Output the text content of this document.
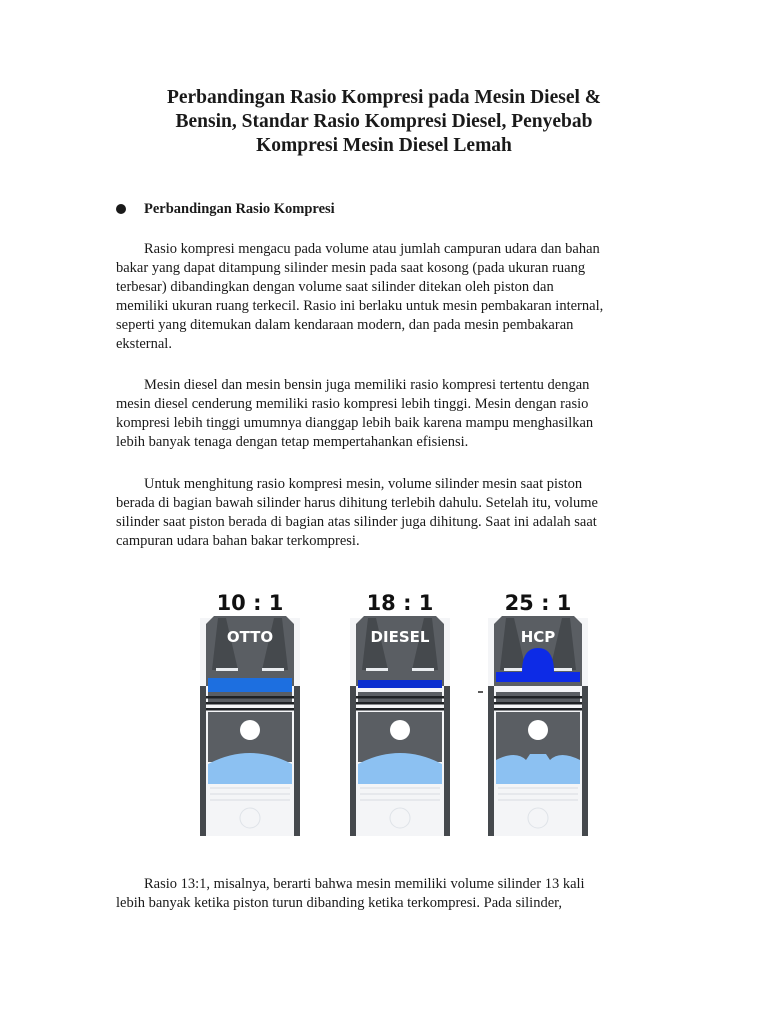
Perbandingan Rasio Kompresi pada Mesin Diesel &
Bensin, Standar Rasio Kompresi Diesel, Penyebab
Kompresi Mesin Diesel Lemah
Perbandingan Rasio Kompresi

Rasio kompresi mengacu pada volume atau jumlah campuran udara dan bahan
bakar yang dapat ditampung silinder mesin pada saat kosong (pada ukuran ruang
terbesar) dibandingkan dengan volume saat silinder ditekan oleh piston dan
memiliki ukuran ruang terkecil. Rasio ini berlaku untuk mesin pembakaran internal,
seperti yang ditemukan dalam kendaraan modern, dan pada mesin pembakaran
eksternal.

Mesin diesel dan mesin bensin juga memiliki rasio kompresi tertentu dengan
mesin diesel cenderung memiliki rasio kompresi lebih tinggi. Mesin dengan rasio
kompresi lebih tinggi umumnya dianggap lebih baik karena mampu menghasilkan
lebih banyak tenaga dengan tetap mempertahankan efisiensi.

Untuk menghitung rasio kompresi mesin, volume silinder mesin saat piston
berada di bagian bawah silinder harus dihitung terlebih dahulu. Setelah itu, volume
silinder saat piston berada di bagian atas silinder juga dihitung. Saat ini adalah saat
campuran udara bahan bakar terkompresi.

10 : 1
OTTO
18 : 1
DIESEL
25 : 1
HCP

Rasio 13:1, misalnya, berarti bahwa mesin memiliki volume silinder 13 kali
lebih banyak ketika piston turun dibanding ketika terkompresi. Pada silinder,
